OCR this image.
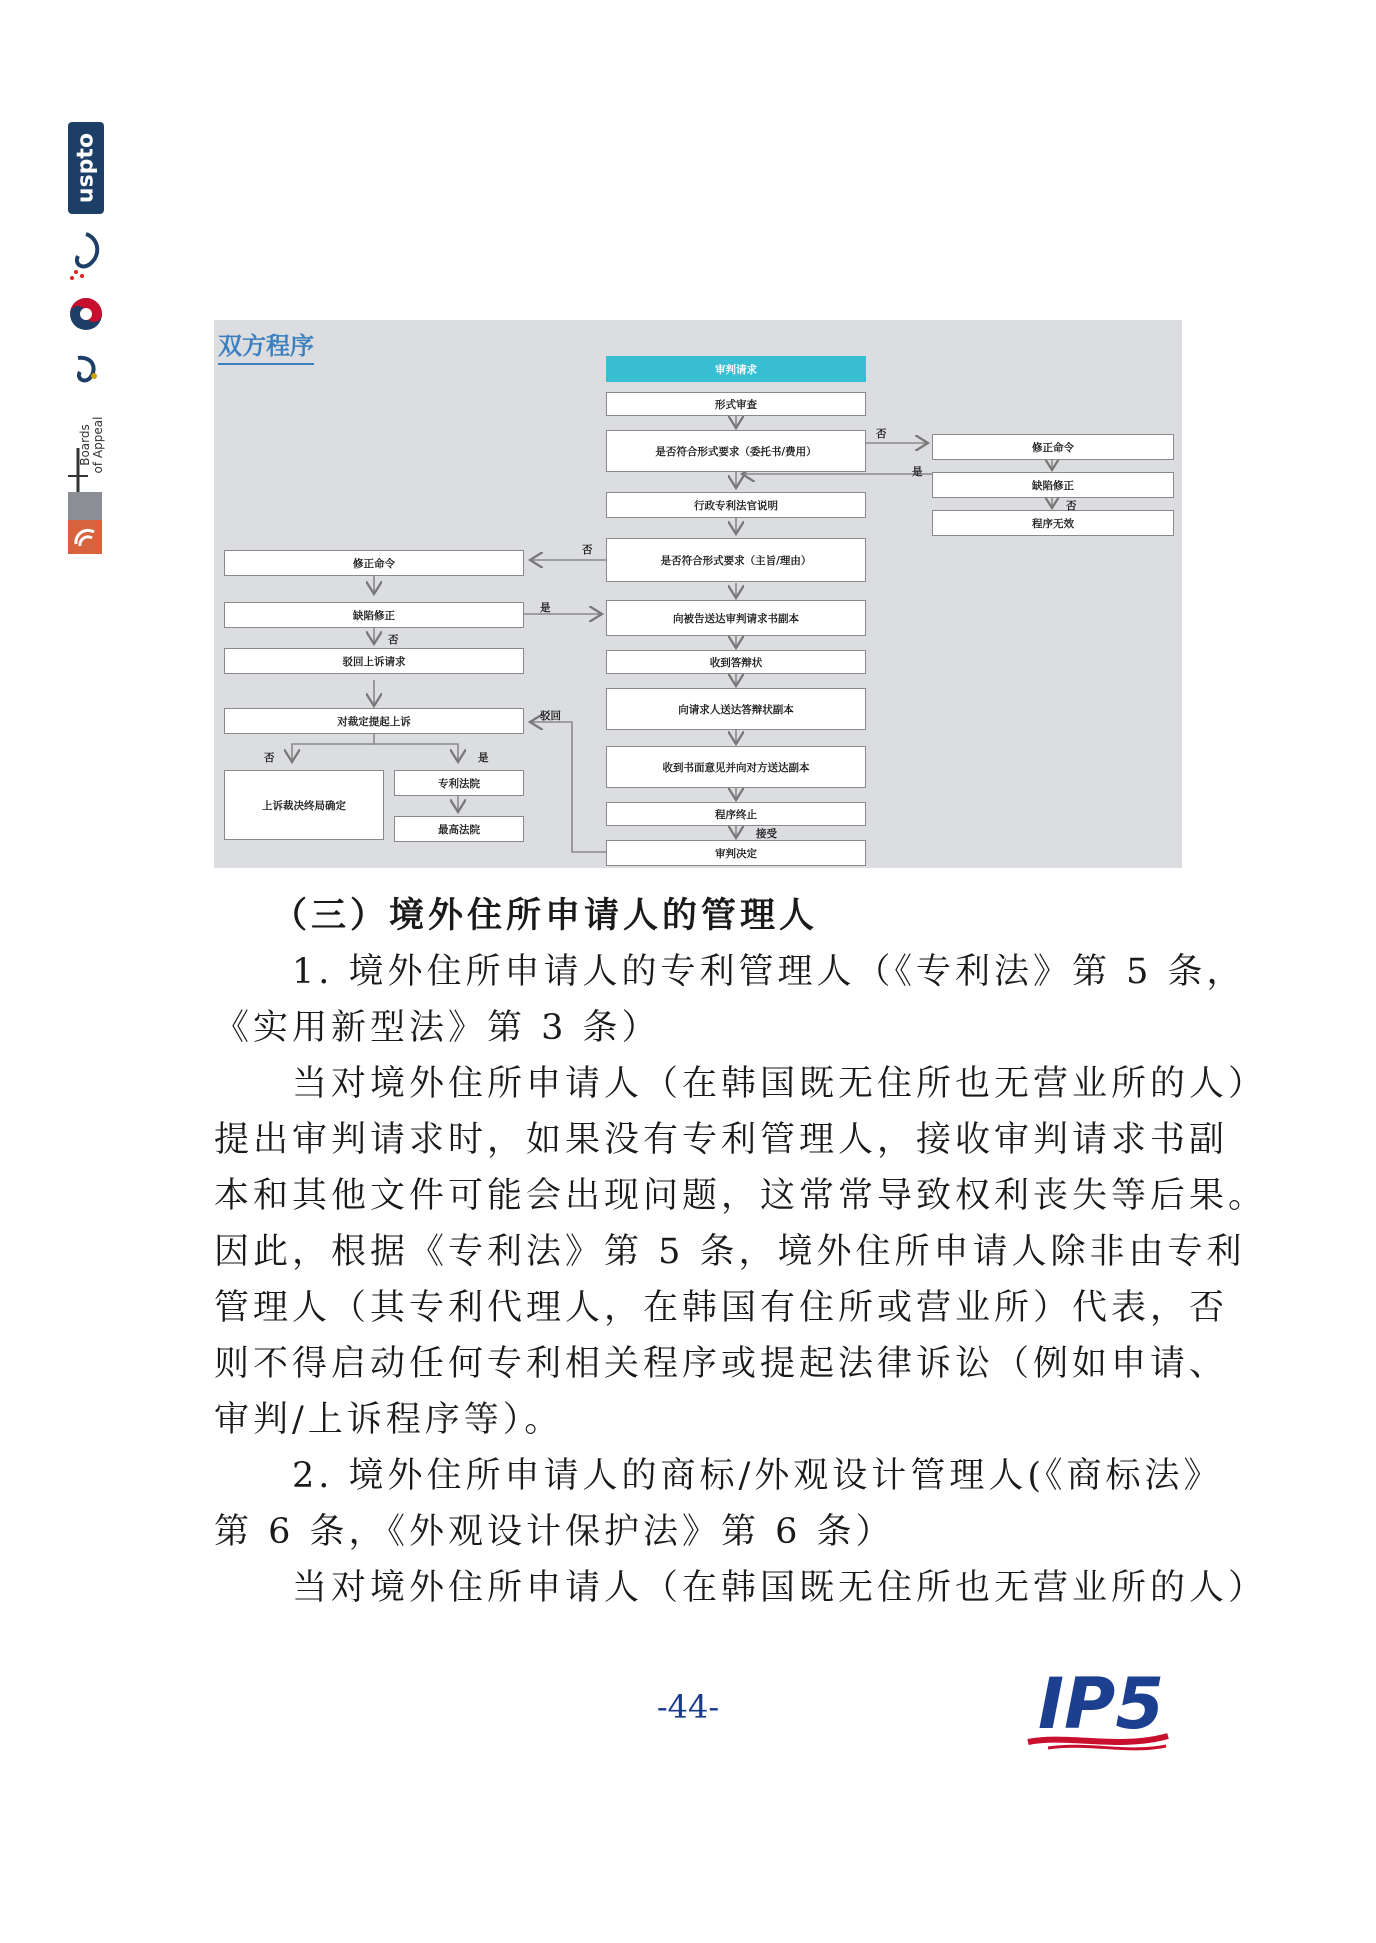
uspto
Boards
of Appeal
双方程序
审判请求
形式审查
是否符合形式要求（委托书/费用）
行政专利法官说明
是否符合形式要求（主旨/理由）
向被告送达审判请求书副本
收到答辩状
向请求人送达答辩状副本
收到书面意见并向对方送达副本
程序终止
审判决定
修正命令
缺陷修正
程序无效
修正命令
缺陷修正
驳回上诉请求
对裁定提起上诉
上诉裁决终局确定
专利法院
最高法院
否
是
否
否
是
否
驳回
否	是
接受
（三）境外住所申请人的管理人
　　1. 境外住所申请人的专利管理人（《专利法》第 5 条，
《实用新型法》第 3 条）
　　当对境外住所申请人（在韩国既无住所也无营业所的人）
提出审判请求时，如果没有专利管理人，接收审判请求书副
本和其他文件可能会出现问题，这常常导致权利丧失等后果。
因此，根据《专利法》第 5 条，境外住所申请人除非由专利
管理人（其专利代理人，在韩国有住所或营业所）代表，否
则不得启动任何专利相关程序或提起法律诉讼（例如申请、
审判/上诉程序等）。
　　2. 境外住所申请人的商标/外观设计管理人(《商标法》
第 6 条，《外观设计保护法》第 6 条）
　　当对境外住所申请人（在韩国既无住所也无营业所的人）
-44-	IP5
